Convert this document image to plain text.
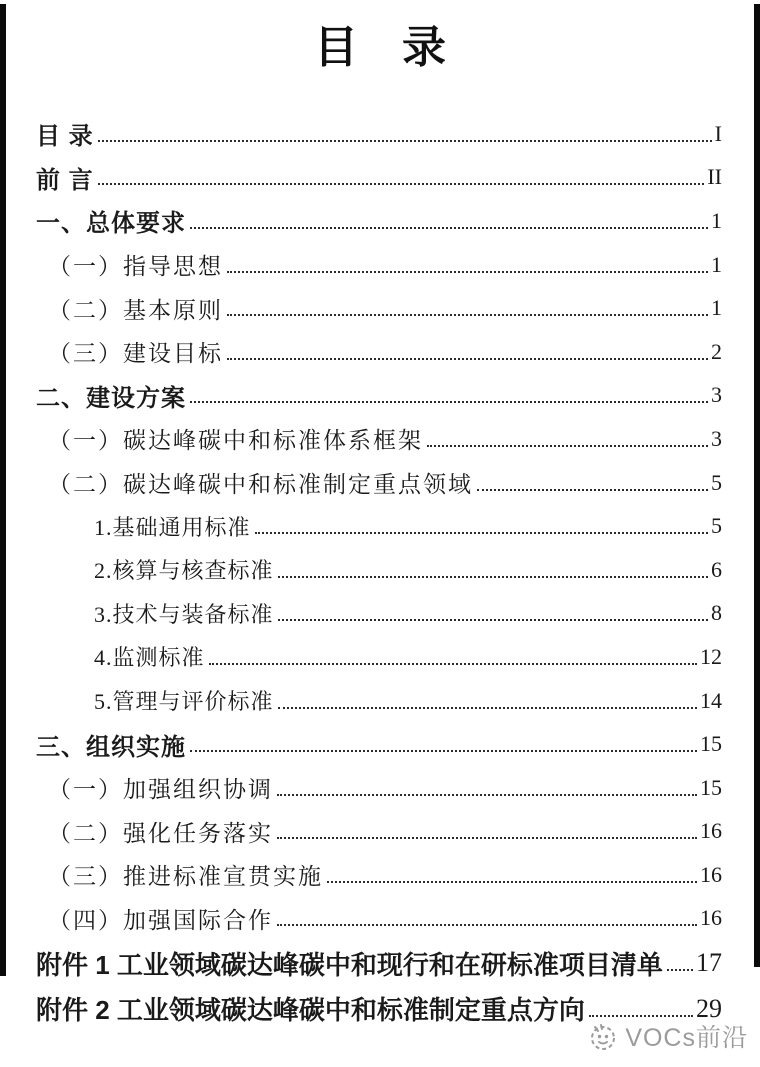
目　录
目 录	I
前 言	II
一、总体要求	1
（一）指导思想	1
（二）基本原则	1
（三）建设目标	2
二、建设方案	3
（一）碳达峰碳中和标准体系框架	3
（二）碳达峰碳中和标准制定重点领域	5
1.基础通用标准	5
2.核算与核查标准	6
3.技术与装备标准	8
4.监测标准	12
5.管理与评价标准	14
三、组织实施	15
（一）加强组织协调	15
（二）强化任务落实	16
（三）推进标准宣贯实施	16
（四）加强国际合作	16
附件 1 工业领域碳达峰碳中和现行和在研标准项目清单 17
附件 2 工业领域碳达峰碳中和标准制定重点方向	29
VOCs前沿
